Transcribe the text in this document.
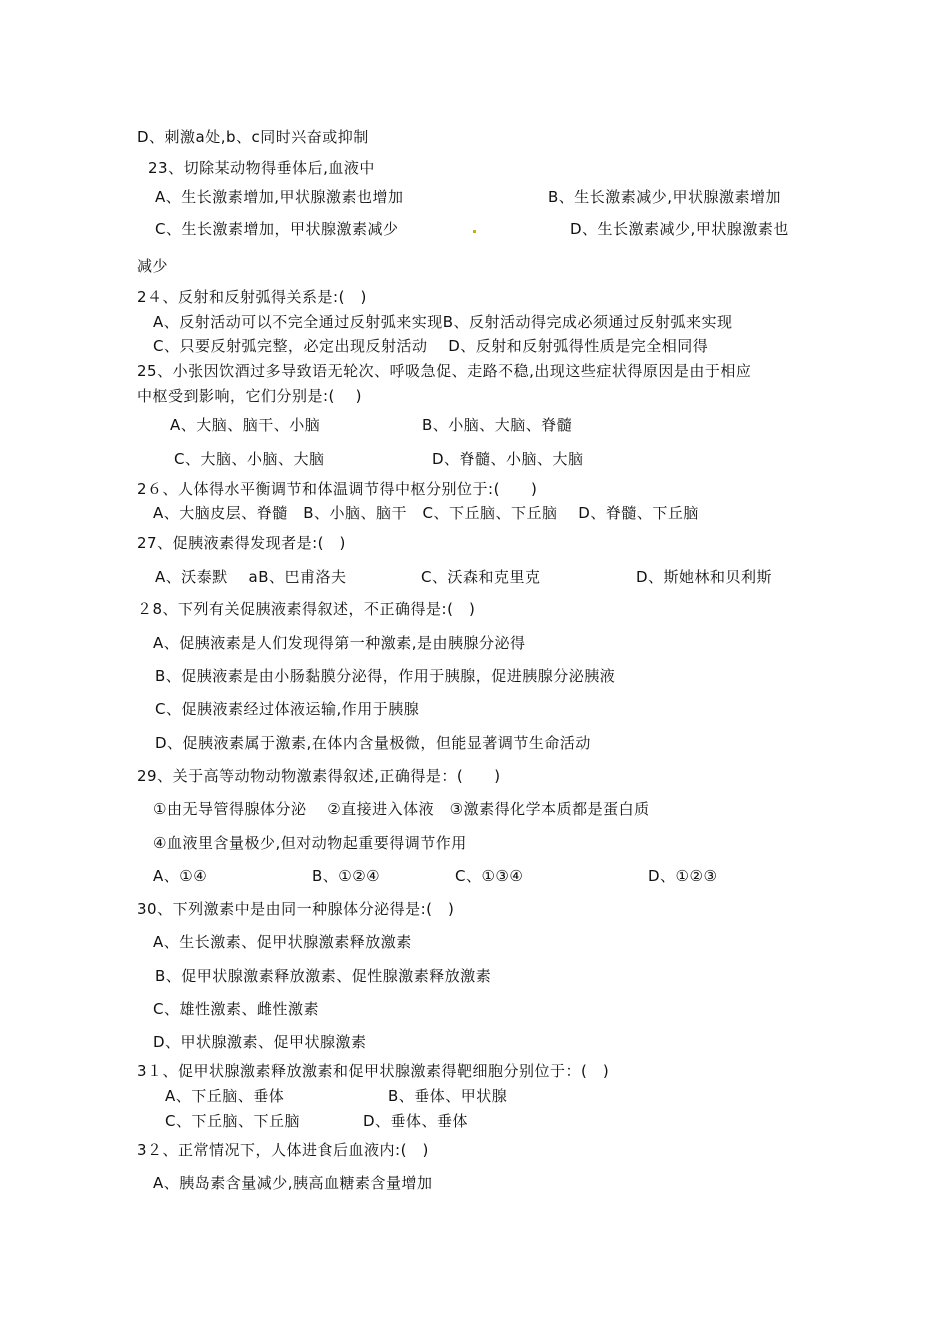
D、刺激a处,b、c同时兴奋或抑制
23、切除某动物得垂体后,血液中
A、生长激素增加,甲状腺激素也增加	B、生长激素减少,甲状腺激素增加
C、生长激素增加，甲状腺激素减少	D、生长激素减少,甲状腺激素也
减少
2４、反射和反射弧得关系是:(　)
A、反射活动可以不完全通过反射弧来实现B、反射活动得完成必须通过反射弧来实现
C、只要反射弧完整，必定出现反射活动　 D、反射和反射弧得性质是完全相同得
25、小张因饮酒过多导致语无轮次、呼吸急促、走路不稳,出现这些症状得原因是由于相应
中枢受到影响，它们分别是:(　 )
A、大脑、脑干、小脑	B、小脑、大脑、脊髓
C、大脑、小脑、大脑	D、脊髓、小脑、大脑
2６、人体得水平衡调节和体温调节得中枢分别位于:(　　)
A、大脑皮层、脊髓　B、小脑、脑干　C、下丘脑、下丘脑　 D、脊髓、下丘脑
27、促胰液素得发现者是:(　)
A、沃泰默　 aB、巴甫洛夫	C、沃森和克里克	D、斯她林和贝利斯
２8、下列有关促胰液素得叙述，不正确得是:(　)
A、促胰液素是人们发现得第一种激素,是由胰腺分泌得
B、促胰液素是由小肠黏膜分泌得，作用于胰腺，促进胰腺分泌胰液
C、促胰液素经过体液运输,作用于胰腺
D、促胰液素属于激素,在体内含量极微，但能显著调节生命活动
29、关于高等动物动物激素得叙述,正确得是：(　　)
①由无导管得腺体分泌　 ②直接进入体液　③激素得化学本质都是蛋白质
④血液里含量极少,但对动物起重要得调节作用
A、①④	B、①②④	C、①③④	D、①②③
30、下列激素中是由同一种腺体分泌得是:(　)
A、生长激素、促甲状腺激素释放激素
B、促甲状腺激素释放激素、促性腺激素释放激素
C、雄性激素、雌性激素
D、甲状腺激素、促甲状腺激素
3１、促甲状腺激素释放激素和促甲状腺激素得靶细胞分别位于：(　)
A、下丘脑、垂体	B、垂体、甲状腺
C、下丘脑、下丘脑	D、垂体、垂体
3２、正常情况下，人体进食后血液内:(　)
A、胰岛素含量减少,胰高血糖素含量增加
